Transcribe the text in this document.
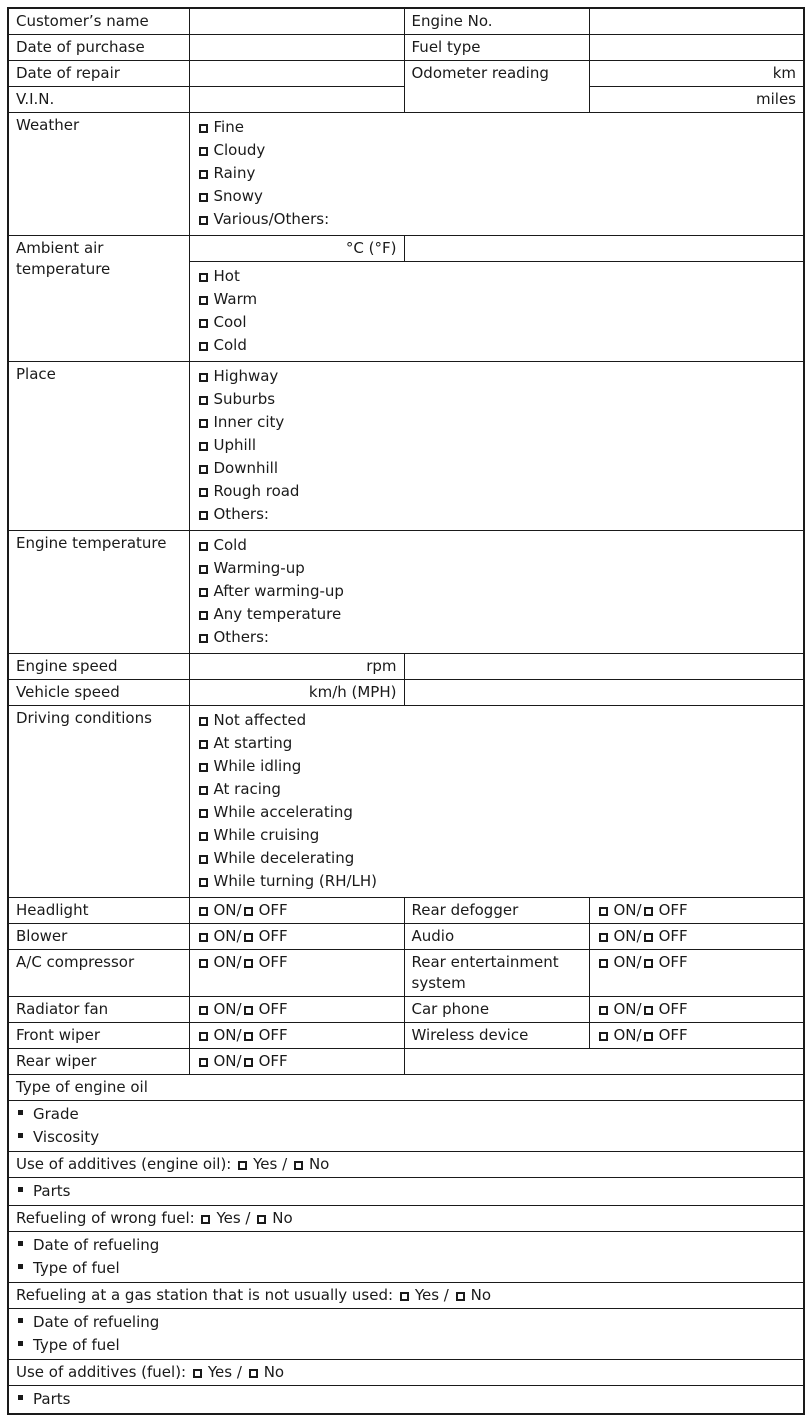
Customer’s name		Engine No.	
Date of purchase		Fuel type	
Date of repair		Odometer reading	km
V.I.N.			miles
Weather	Fine
Cloudy
Rainy
Snowy
Various/Others:		

Ambient air temperature	°C (°F)		

	Hot
Warm
Cool
Cold		

Place	Highway
Suburbs
Inner city
Uphill
Downhill
Rough road
Others:

Engine temperature	Cold
Warming-up
After warming-up
Any temperature
Others:		

Engine speed	rpm		
Vehicle speed	km/h (MPH)		
Driving conditions	Not affected
At starting
While idling
At racing
While accelerating
While cruising
While decelerating
While turning (RH/LH)

Headlight	ON/ OFF	Rear defogger	ON/ OFF
Blower	ON/ OFF	Audio	ON/ OFF
A/C compressor	ON/ OFF	Rear entertainment system	ON/ OFF
Radiator fan	ON/ OFF	Car phone	ON/ OFF
Front wiper	ON/ OFF	Wireless device	ON/ OFF
Rear wiper	ON/ OFF		
Type of engine oil			

Grade
Viscosity			

Use of additives (engine oil): Yes / No			

Parts			

Refueling of wrong fuel: Yes / No			

Date of refueling
Type of fuel			

Refueling at a gas station that is not usually used: Yes / No			

Date of refueling
Type of fuel			

Use of additives (fuel): Yes / No			

Parts			
